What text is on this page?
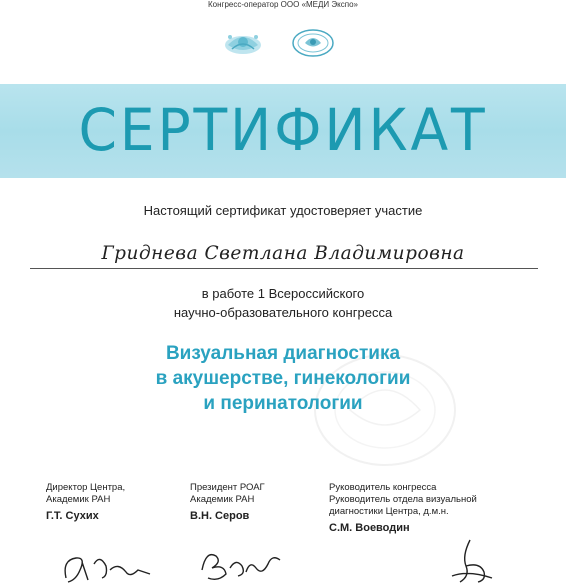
Конгресс-оператор ООО «МЕДИ Экспо»
СЕРТИФИКАТ
Настоящий сертификат удостоверяет участие
Гриднева Светлана Владимировна
в работе 1 Всероссийского
научно-образовательного конгресса
Визуальная диагностика
в акушерстве, гинекологии
и перинатологии
Директор Центра,
Академик РАН
Г.Т. Сухих
Президент РОАГ
Академик РАН
В.Н. Серов
Руководитель конгресса
Руководитель отдела визуальной
диагностики Центра, д.м.н.
С.М. Воеводин
